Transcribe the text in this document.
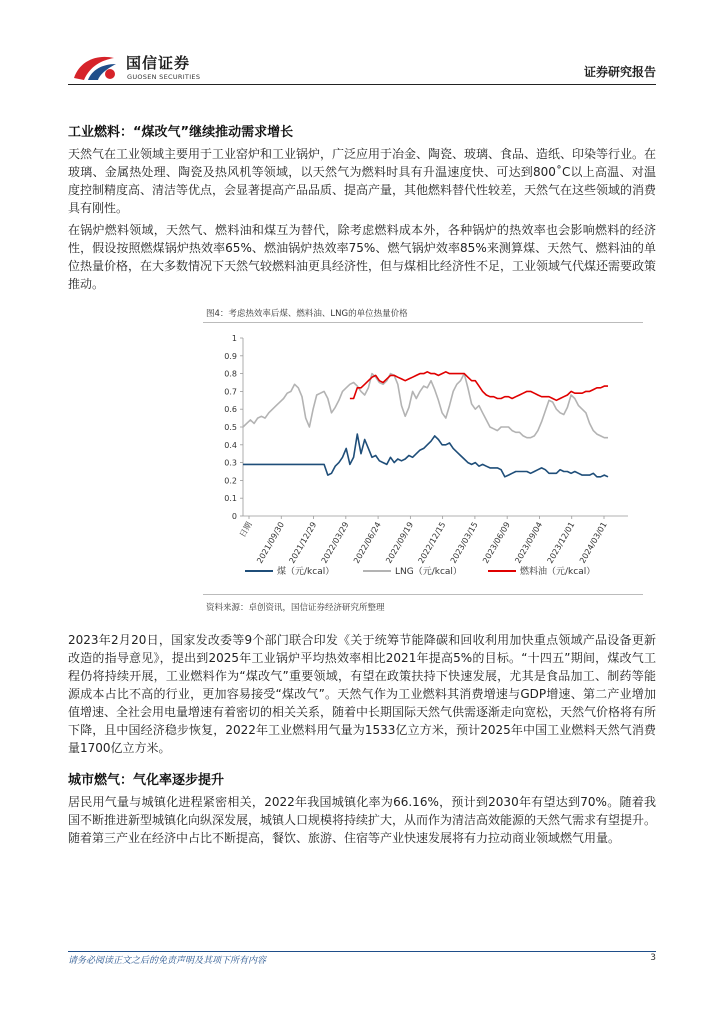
国信证券
GUOSEN SECURITIES	证券研究报告
工业燃料：“煤改气”继续推动需求增长
天然气在工业领域主要用于工业窑炉和工业锅炉，广泛应用于冶金、陶瓷、玻璃、食品、造纸、印染等行业。在玻璃、金属热处理、陶瓷及热风机等领域，以天然气为燃料时具有升温速度快、可达到800˚C以上高温、对温度控制精度高、清洁等优点，会显著提高产品品质、提高产量，其他燃料替代性较差，天然气在这些领域的消费具有刚性。
在锅炉燃料领域，天然气、燃料油和煤互为替代，除考虑燃料成本外，各种锅炉的热效率也会影响燃料的经济性，假设按照燃煤锅炉热效率65%、燃油锅炉热效率75%、燃气锅炉效率85%来测算煤、天然气、燃料油的单位热量价格，在大多数情况下天然气较燃料油更具经济性，但与煤相比经济性不足，工业领域气代煤还需要政策推动。
图4：考虑热效率后煤、燃料油、LNG的单位热量价格
0
0.1
0.2
0.3
0.4
0.5
0.6
0.7
0.8
0.9
1
日期 2021/09/30 2021/12/29 2022/03/29 2022/06/24 2022/09/19 2022/12/15 2023/03/15 2023/06/09 2023/09/04 2023/12/01 2024/03/01
煤（元/kcal）	LNG（元/kcal）	燃料油（元/kcal）
资料来源：卓创资讯，国信证券经济研究所整理
2023年2月20日，国家发改委等9个部门联合印发《关于统筹节能降碳和回收利用加快重点领域产品设备更新改造的指导意见》，提出到2025年工业锅炉平均热效率相比2021年提高5%的目标。“十四五”期间，煤改气工程仍将持续开展，工业燃料作为“煤改气”重要领域，有望在政策扶持下快速发展，尤其是食品加工、制药等能源成本占比不高的行业，更加容易接受“煤改气”。天然气作为工业燃料其消费增速与GDP增速、第二产业增加值增速、全社会用电量增速有着密切的相关关系，随着中长期国际天然气供需逐渐走向宽松，天然气价格将有所下降，且中国经济稳步恢复，2022年工业燃料用气量为1533亿立方米，预计2025年中国工业燃料天然气消费量1700亿立方米。
城市燃气：气化率逐步提升
居民用气量与城镇化进程紧密相关，2022年我国城镇化率为66.16%，预计到2030年有望达到70%。随着我国不断推进新型城镇化向纵深发展，城镇人口规模将持续扩大，从而作为清洁高效能源的天然气需求有望提升。随着第三产业在经济中占比不断提高，餐饮、旅游、住宿等产业快速发展将有力拉动商业领域燃气用量。
请务必阅读正文之后的免责声明及其项下所有内容	3
